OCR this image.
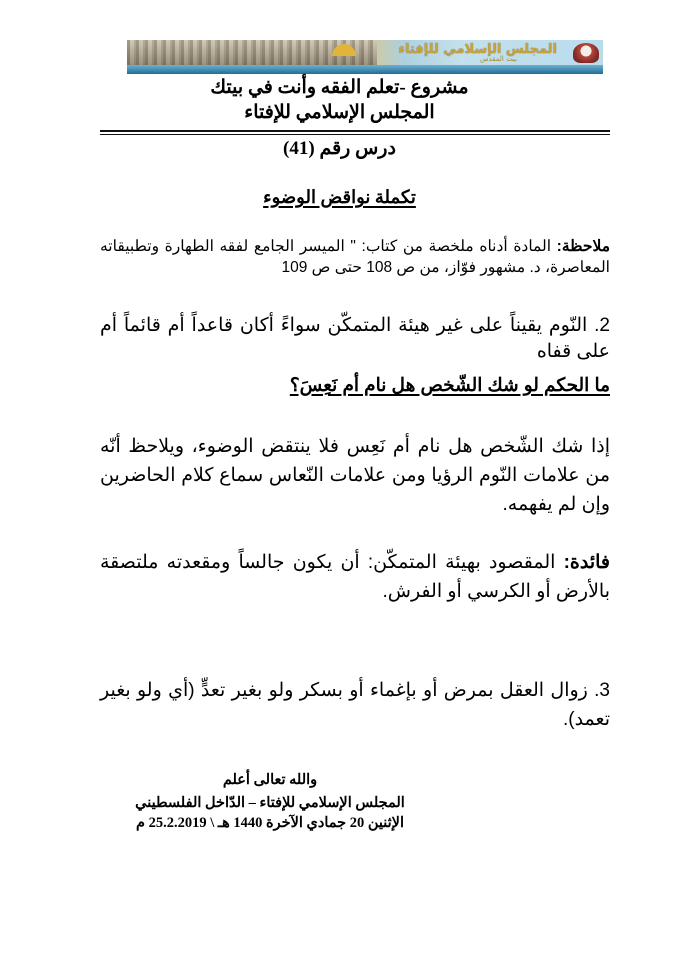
المجلس الإسلامي للإفتاء
بيت المقدس
مشروع -تعلم الفقه وأنت في بيتك
المجلس الإسلامي للإفتاء
درس رقم (41)
تكملة نواقض الوضوء
ملاحظة: المادة أدناه ملخصة من كتاب: " الميسر الجامع لفقه الطهارة وتطبيقاته المعاصرة، د. مشهور فوّاز، من ص 108 حتى ص 109
2. النّوم يقيناً على غير هيئة المتمكّن سواءً أكان قاعداً أم قائماً أم على قفاه
ما الحكم لو شك الشّخص هل نام أم نَعِسَ؟
إذا شك الشّخص هل نام أم نَعِس فلا ينتقض الوضوء، ويلاحظ أنّه من علامات النّوم الرؤيا ومن علامات النّعاس سماع كلام الحاضرين وإن لم يفهمه.
فائدة: المقصود بهيئة المتمكّن: أن يكون جالساً ومقعدته ملتصقة بالأرض أو الكرسي أو الفرش.
3. زوال العقل بمرض أو بإغماء أو بسكر ولو بغير تعدٍّ (أي ولو بغير تعمد).
والله تعالى أعلم
المجلس الإسلامي للإفتاء – الدّاخل الفلسطيني
الإثنين 20 جمادي الآخرة 1440 هـ \ 25.2.2019 م
